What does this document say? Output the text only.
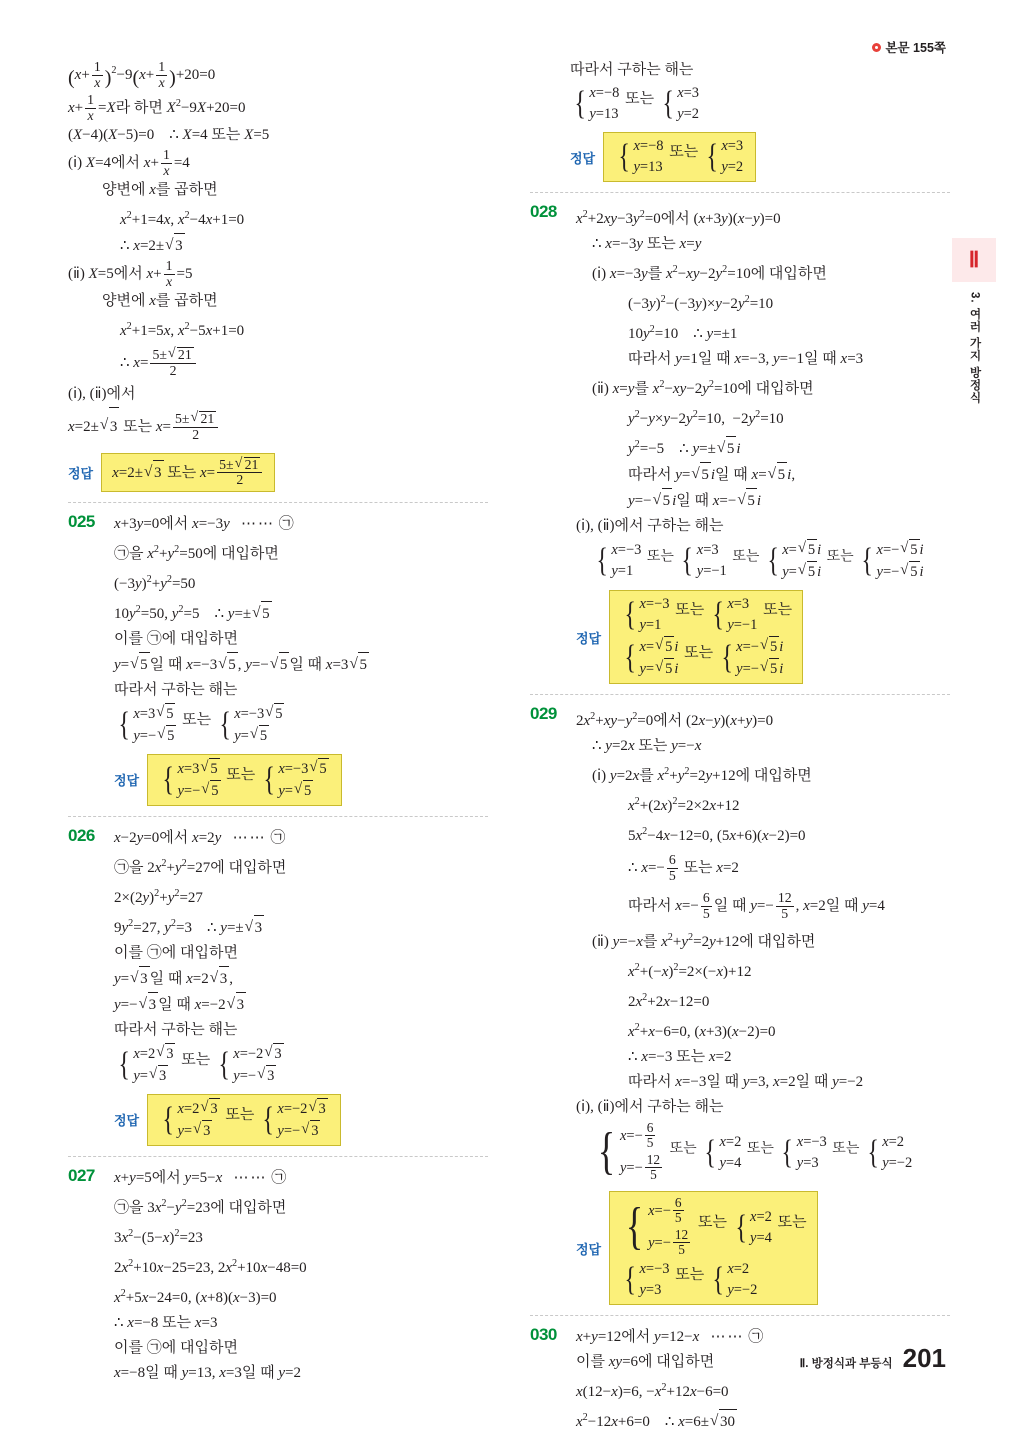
본문 155쪽
Ⅱ
3. 여러 가지 방정식
$(x+ \frac{1}{x} )^2-9(x+ \frac{1}{x} )+20=0$
$x+ \frac{1}{x} =X$라 하면 $X^2-9X+20=0$
(X−4)(X−5)=0    ∴ X=4 또는 X=5
(ⅰ) X=4에서 $x+ \frac{1}{x} =4$
양변에 x를 곱하면
$x^2+1=4x$, $x^2-4x+1=0$
∴ x=2± √ 3
(ⅱ) X=5에서 $x+ \frac{1}{x} =5$
양변에 x를 곱하면
$x^2+1=5x$, $x^2-5x+1=0$
∴ $x= \frac{5\pm √ 21}{2}$
(ⅰ), (ⅱ)에서
x=2± √ 3 또는 $x= \frac{5\pm √ 21}{2}$
정답	x=2± √ 3 또는 $x= \frac{5\pm √ 21}{2}$
025 x+3y=0에서 x=−3y ⋯⋯ ㉠
㉠을 $x^2+y^2=50$에 대입하면
$(-3y)^2+y^2=50$
$10y^2=50$, $y^2=5$    ∴ y=± √ 5
이를 ㉠에 대입하면
y= √ 5 일 때 x=−3 √ 5 , y=− √ 5 일 때 x=3 √ 5
따라서 구하는 해는
{ x=3 √ 5
y=− √ 5
또는 { x=−3 √ 5
y= √ 5
정답 { x=3 √ 5
y=− √ 5
또는 { x=−3 √ 5
y= √ 5
026 x−2y=0에서 x=2y ⋯⋯ ㉠
㉠을 $2x^2+y^2=27$에 대입하면
$2\times(2y)^2+y^2=27$
$9y^2=27$, $y^2=3$    ∴ y=± √ 3
이를 ㉠에 대입하면
y= √ 3 일 때 x=2 √ 3 ,
y=− √ 3 일 때 x=−2 √ 3
따라서 구하는 해는
{ x=2 √ 3
y= √ 3
또는 { x=−2 √ 3
y=− √ 3
정답 { x=2 √ 3
y= √ 3
또는 { x=−2 √ 3
y=− √ 3
027 x+y=5에서 y=5−x ⋯⋯ ㉠
㉠을 $3x^2-y^2=23$에 대입하면
$3x^2-(5-x)^2=23$
$2x^2+10x-25=23$, $2x^2+10x-48=0$
$x^2+5x-24=0$, (x+8)(x−3)=0
∴ x=−8 또는 x=3
이를 ㉠에 대입하면
x=−8일 때 y=13, x=3일 때 y=2
따라서 구하는 해는
{ x=−8
y=13
또는 { x=3
y=2
정답 { x=−8
y=13
또는 { x=3
y=2
028 $x^2+2xy-3y^2=0$에서 (x+3y)(x−y)=0
∴ x=−3y 또는 x=y
(ⅰ) x=−3y를 $x^2-xy-2y^2=10$에 대입하면
$(-3y)^2-(-3y)\times y-2y^2=10$
$10y^2=10$    ∴ y=±1
따라서 y=1일 때 x=−3, y=−1일 때 x=3
(ⅱ) x=y를 $x^2-xy-2y^2=10$에 대입하면
$y^2-y\times y-2y^2=10$,  $-2y^2=10$
$y^2=-5$    ∴ y=± √ 5 i
따라서 y= √ 5 i일 때 x= √ 5 i,
y=− √ 5 i일 때 x=− √ 5 i
(ⅰ), (ⅱ)에서 구하는 해는
{ x=−3
y=1
또는 { x=3
y=−1
또는 { x= √ 5 i
y= √ 5 i
또는 { x=− √ 5 i
y=− √ 5 i
정답
{ x=−3
y=1
또는 { x=3
y=−1
또는
{ x= √ 5 i
y= √ 5 i
또는 { x=− √ 5 i
y=− √ 5 i
029 $2x^2+xy-y^2=0$에서 (2x−y)(x+y)=0
∴ y=2x 또는 y=−x
(ⅰ) y=2x를 $x^2+y^2=2y+12$에 대입하면
$x^2+(2x)^2=2\times 2x+12$
$5x^2-4x-12=0$, (5x+6)(x−2)=0
∴ $x=- \frac{6}{5}$ 또는 x=2
따라서 $x=- \frac{6}{5}$ 일 때 $y=- \frac{12}{5}$ , x=2일 때 y=4
(ⅱ) y=−x를 $x^2+y^2=2y+12$에 대입하면
$x^2+(-x)^2=2\times(-x)+12$
$2x^2+2x-12=0$
$x^2+x-6=0$, (x+3)(x−2)=0
∴ x=−3 또는 x=2
따라서 x=−3일 때 y=3, x=2일 때 y=−2
(ⅰ), (ⅱ)에서 구하는 해는
{ $x=- \frac{6}{5}$
$y=- \frac{12}{5}$
또는 { x=2
y=4
또는 { x=−3
y=3
또는 { x=2
y=−2
정답 { $x=- \frac{6}{5}$
$y=- \frac{12}{5}$
또는 { x=2
y=4
또는
{ x=−3
y=3
또는 { x=2
y=−2
030 x+y=12에서 y=12−x ⋯⋯ ㉠
이를 xy=6에 대입하면
x(12−x)=6, $-x^2+12x-6=0$
$x^2-12x+6=0$    ∴ x=6± √ 30
Ⅱ. 방정식과 부등식 201
